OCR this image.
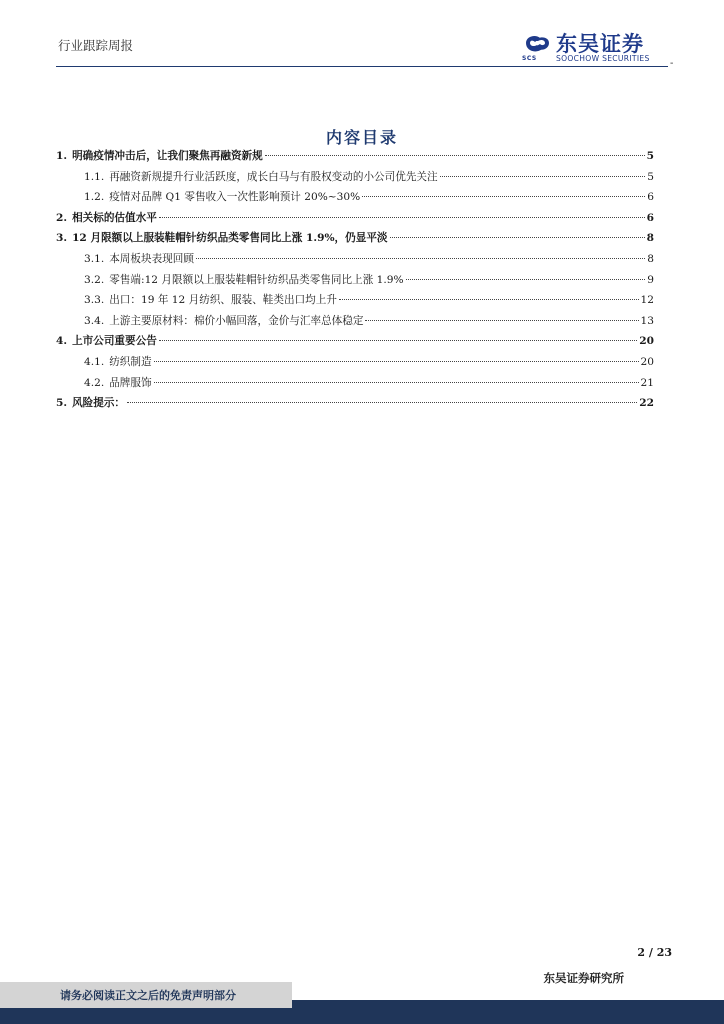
行业跟踪周报	东吴证券
SCS	SOOCHOW SECURITIES -
内容目录
1. 明确疫情冲击后，让我们聚焦再融资新规	5
1.1. 再融资新规提升行业活跃度，成长白马与有股权变动的小公司优先关注	5
1.2. 疫情对品牌 Q1 零售收入一次性影响预计 20%~30%	6
2. 相关标的估值水平	6
3. 12 月限额以上服装鞋帽针纺织品类零售同比上涨 1.9%，仍显平淡	8
3.1. 本周板块表现回顾	8
3.2. 零售端:12 月限额以上服装鞋帽针纺织品类零售同比上涨 1.9%	9
3.3. 出口：19 年 12 月纺织、服装、鞋类出口均上升	12
3.4. 上游主要原材料：棉价小幅回落，金价与汇率总体稳定	13
4. 上市公司重要公告	20
4.1. 纺织制造	20
4.2. 品牌服饰	21
5. 风险提示：	22
2 / 23
东吴证券研究所
请务必阅读正文之后的免责声明部分
